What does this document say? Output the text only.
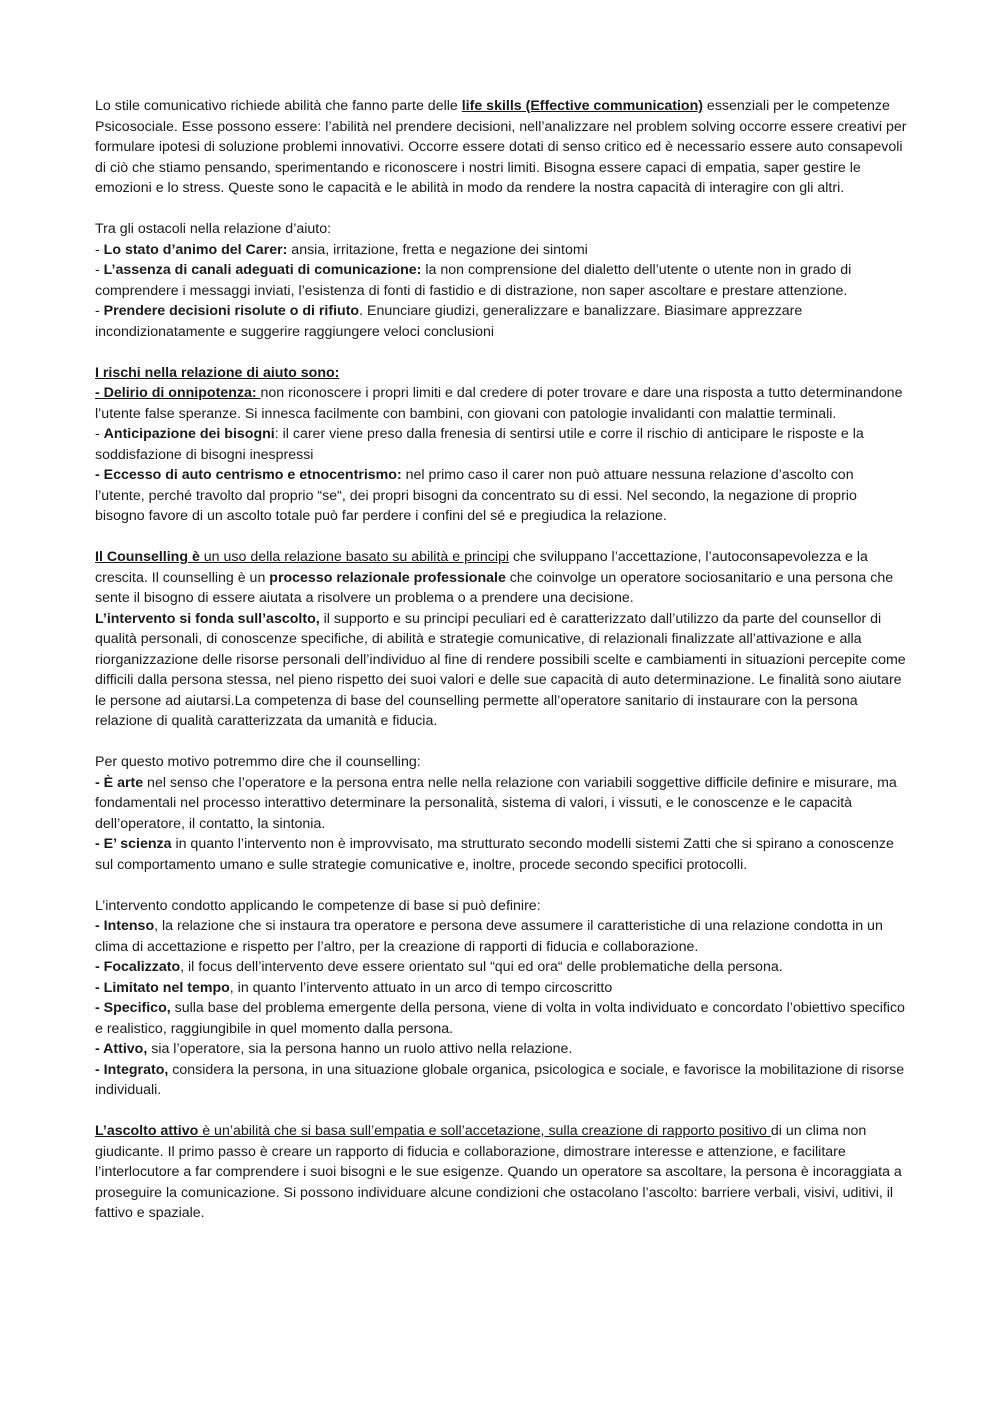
Lo stile comunicativo richiede abilità che fanno parte delle life skills (Effective communication) essenziali per le competenze Psicosociale. Esse possono essere: l’abilità nel prendere decisioni, nell’analizzare nel problem solving occorre essere creativi per formulare ipotesi di soluzione problemi innovativi. Occorre essere dotati di senso critico ed è necessario essere auto consapevoli di ciò che stiamo pensando, sperimentando e riconoscere i nostri limiti. Bisogna essere capaci di empatia, saper gestire le emozioni e lo stress. Queste sono le capacità e le abilità in modo da rendere la nostra capacità di interagire con gli altri.

Tra gli ostacoli nella relazione d’aiuto:

- Lo stato d’animo del Carer: ansia, irritazione, fretta e negazione dei sintomi

- L’assenza di canali adeguati di comunicazione: la non comprensione del dialetto dell’utente o utente non in grado di comprendere i messaggi inviati, l’esistenza di fonti di fastidio e di distrazione, non saper ascoltare e prestare attenzione.

- Prendere decisioni risolute o di rifiuto. Enunciare giudizi, generalizzare e banalizzare. Biasimare apprezzare incondizionatamente e suggerire raggiungere veloci conclusioni

I rischi nella relazione di aiuto sono:

- Delirio di onnipotenza: non riconoscere i propri limiti e dal credere di poter trovare e dare una risposta a tutto determinandone l’utente false speranze. Si innesca facilmente con bambini, con giovani con patologie invalidanti con malattie terminali.

- Anticipazione dei bisogni: il carer viene preso dalla frenesia di sentirsi utile e corre il rischio di anticipare le risposte e la soddisfazione di bisogni inespressi

- Eccesso di auto centrismo e etnocentrismo: nel primo caso il carer non può attuare nessuna relazione d’ascolto con l’utente, perché travolto dal proprio “se“, dei propri bisogni da concentrato su di essi. Nel secondo, la negazione di proprio bisogno favore di un ascolto totale può far perdere i confini del sé e pregiudica la relazione.

Il Counselling è un uso della relazione basato su abilità e principi che sviluppano l’accettazione, l’autoconsapevolezza e la crescita. Il counselling è un processo relazionale professionale che coinvolge un operatore sociosanitario e una persona che sente il bisogno di essere aiutata a risolvere un problema o a prendere una decisione.

L’intervento si fonda sull’ascolto, il supporto e su principi peculiari ed è caratterizzato dall’utilizzo da parte del counsellor di qualità personali, di conoscenze specifiche, di abilità e strategie comunicative, di relazionali finalizzate all’attivazione e alla riorganizzazione delle risorse personali dell’individuo al fine di rendere possibili scelte e cambiamenti in situazioni percepite come difficili dalla persona stessa, nel pieno rispetto dei suoi valori e delle sue capacità di auto determinazione. Le finalità sono aiutare le persone ad aiutarsi.La competenza di base del counselling permette all’operatore sanitario di instaurare con la persona relazione di qualità caratterizzata da umanità e fiducia.

Per questo motivo potremmo dire che il counselling:

- È arte nel senso che l’operatore e la persona entra nelle nella relazione con variabili soggettive difficile definire e misurare, ma fondamentali nel processo interattivo determinare la personalità, sistema di valori, i vissuti, e le conoscenze e le capacità dell’operatore, il contatto, la sintonia.

- E’ scienza in quanto l’intervento non è improvvisato, ma strutturato secondo modelli sistemi Zatti che si spirano a conoscenze sul comportamento umano e sulle strategie comunicative e, inoltre, procede secondo specifici protocolli.

L’intervento condotto applicando le competenze di base si può definire:

- Intenso, la relazione che si instaura tra operatore e persona deve assumere il caratteristiche di una relazione condotta in un clima di accettazione e rispetto per l’altro, per la creazione di rapporti di fiducia e collaborazione.

- Focalizzato, il focus dell’intervento deve essere orientato sul “qui ed ora“ delle problematiche della persona.

- Limitato nel tempo, in quanto l’intervento attuato in un arco di tempo circoscritto

- Specifico, sulla base del problema emergente della persona, viene di volta in volta individuato e concordato l’obiettivo specifico e realistico, raggiungibile in quel momento dalla persona.

- Attivo, sia l’operatore, sia la persona hanno un ruolo attivo nella relazione.

- Integrato, considera la persona, in una situazione globale organica, psicologica e sociale, e favorisce la mobilitazione di risorse individuali.

L’ascolto attivo è un’abilità che si basa sull’empatia e soll’accetazione, sulla creazione di rapporto positivo di un clima non giudicante. Il primo passo è creare un rapporto di fiducia e collaborazione, dimostrare interesse e attenzione, e facilitare l’interlocutore a far comprendere i suoi bisogni e le sue esigenze. Quando un operatore sa ascoltare, la persona è incoraggiata a proseguire la comunicazione. Si possono individuare alcune condizioni che ostacolano l’ascolto: barriere verbali, visivi, uditivi, il fattivo e spaziale.
